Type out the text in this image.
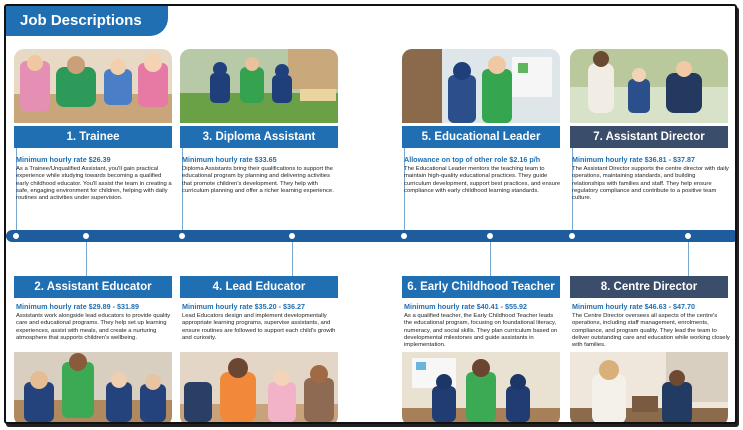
Job Descriptions
1. Trainee
Minimum hourly rate $26.39
As a Trainee/Unqualified Assistant, you'll gain practical experience while studying towards becoming a qualified early childhood educator. You'll assist the team in creating a safe, engaging environment for children, helping with daily routines and activities under supervision.
3. Diploma Assistant
Minimum hourly rate $33.65
Diploma Assistants bring their qualifications to support the educational program by planning and delivering activities that promote children's development. They help with curriculum planning and offer a richer learning experience.
5. Educational Leader
Allowance on top of other role $2.16 p/h
The Educational Leader mentors the teaching team to maintain high-quality educational practices. They guide curriculum development, support best practices, and ensure compliance with early childhood learning standards.
7. Assistant Director
Minimum hourly rate $36.81 - $37.87
The Assistant Director supports the centre director with daily operations, maintaining standards, and building relationships with families and staff. They help ensure regulatory compliance and contribute to a positive team culture.
2. Assistant Educator
Minimum hourly rate $29.89 - $31.89
Assistants work alongside lead educators to provide quality care and educational programs. They help set up learning experiences, assist with meals, and create a nurturing atmosphere that supports children's wellbeing.
4. Lead Educator
Minimum hourly rate $35.20 - $36.27
Lead Educators design and implement developmentally appropriate learning programs, supervise assistants, and ensure routines are followed to support each child's growth and curiosity.
6. Early Childhood Teacher
Minimum hourly rate $40.41 - $55.92
As a qualified teacher, the Early Childhood Teacher leads the educational program, focusing on foundational literacy, numeracy, and social skills. They plan curriculum based on developmental milestones and guide assistants in implementation.
8. Centre Director
Minimum hourly rate $46.63 - $47.70
The Centre Director oversees all aspects of the centre's operations, including staff management, enrolments, compliance, and program quality. They lead the team to deliver outstanding care and education while working closely with families.
